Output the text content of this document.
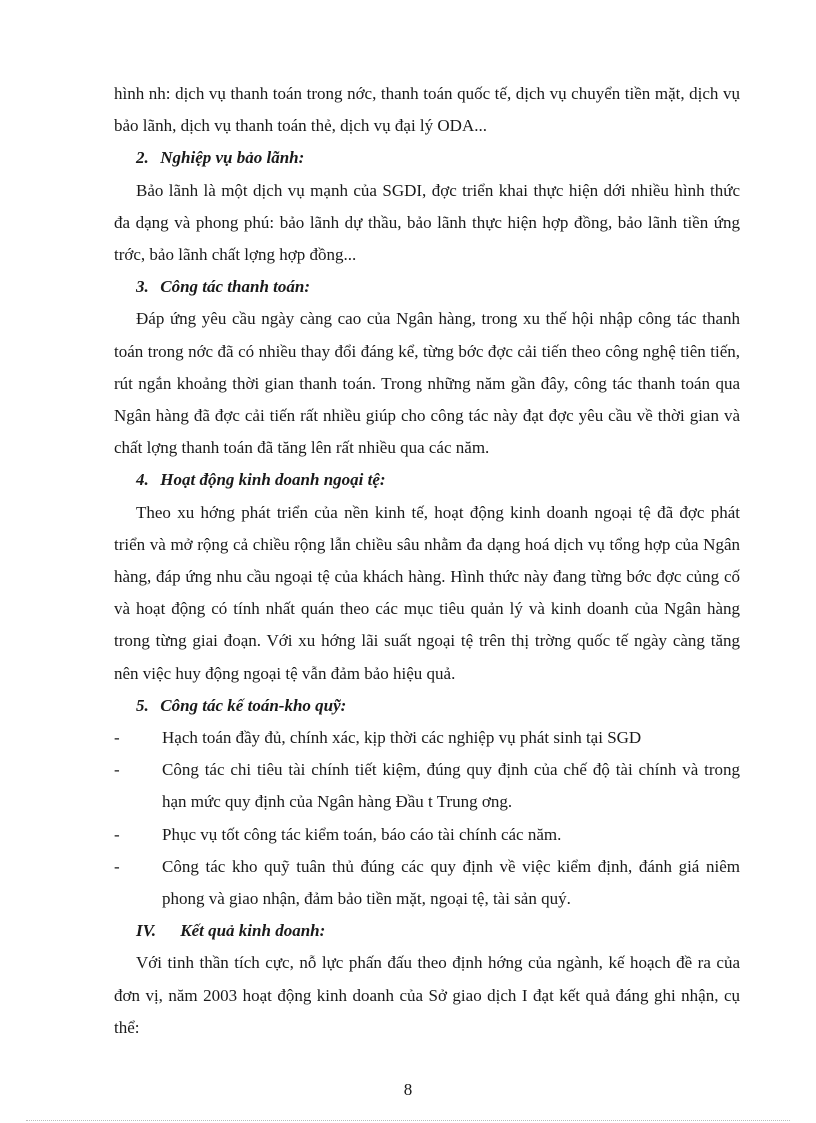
hình nh: dịch vụ thanh toán trong nớc, thanh toán quốc tế, dịch vụ chuyển tiền mặt, dịch vụ bảo lãnh, dịch vụ thanh toán thẻ, dịch vụ đại lý ODA...

2. Nghiệp vụ bảo lãnh:

Bảo lãnh là một dịch vụ mạnh của SGDI, đợc triển khai thực hiện dới nhiều hình thức đa dạng và phong phú: bảo lãnh dự thầu, bảo lãnh thực hiện hợp đồng, bảo lãnh tiền ứng trớc, bảo lãnh chất lợng hợp đồng...

3. Công tác thanh toán:

Đáp ứng yêu cầu ngày càng cao của Ngân hàng, trong xu thế hội nhập công tác thanh toán trong nớc đã có nhiều thay đổi đáng kể, từng bớc đợc cải tiến theo công nghệ tiên tiến, rút ngắn khoảng thời gian thanh toán. Trong những năm gần đây, công tác thanh toán qua Ngân hàng đã đợc cải tiến rất nhiều giúp cho công tác này đạt đợc yêu cầu về thời gian và chất lợng thanh toán đã tăng lên rất nhiều qua các năm.

4. Hoạt động kinh doanh ngoại tệ:

Theo xu hớng phát triển của nền kinh tế, hoạt động kinh doanh ngoại tệ đã đợc phát triển và mở rộng cả chiều rộng lẫn chiều sâu nhằm đa dạng hoá dịch vụ tổng hợp của Ngân hàng, đáp ứng nhu cầu ngoại tệ của khách hàng. Hình thức này đang từng bớc đợc củng cố và hoạt động có tính nhất quán theo các mục tiêu quản lý và kinh doanh của Ngân hàng trong từng giai đoạn. Với xu hớng lãi suất ngoại tệ trên thị trờng quốc tế ngày càng tăng nên việc huy động ngoại tệ vẫn đảm bảo hiệu quả.

5. Công tác kế toán-kho quỹ:

- Hạch toán đầy đủ, chính xác, kịp thời các nghiệp vụ phát sinh tại SGD
- Công tác chi tiêu tài chính tiết kiệm, đúng quy định của chế độ tài chính và trong hạn mức quy định của Ngân hàng Đầu t Trung ơng.
- Phục vụ tốt công tác kiểm toán, báo cáo tài chính các năm.
- Công tác kho quỹ tuân thủ đúng các quy định về việc kiểm định, đánh giá niêm phong và giao nhận, đảm bảo tiền mặt, ngoại tệ, tài sản quý.

IV. Kết quả kinh doanh:

Với tinh thần tích cực, nỗ lực phấn đấu theo định hớng của ngành, kế hoạch đề ra của đơn vị, năm 2003 hoạt động kinh doanh của Sở giao dịch I đạt kết quả đáng ghi nhận, cụ thể:

8
